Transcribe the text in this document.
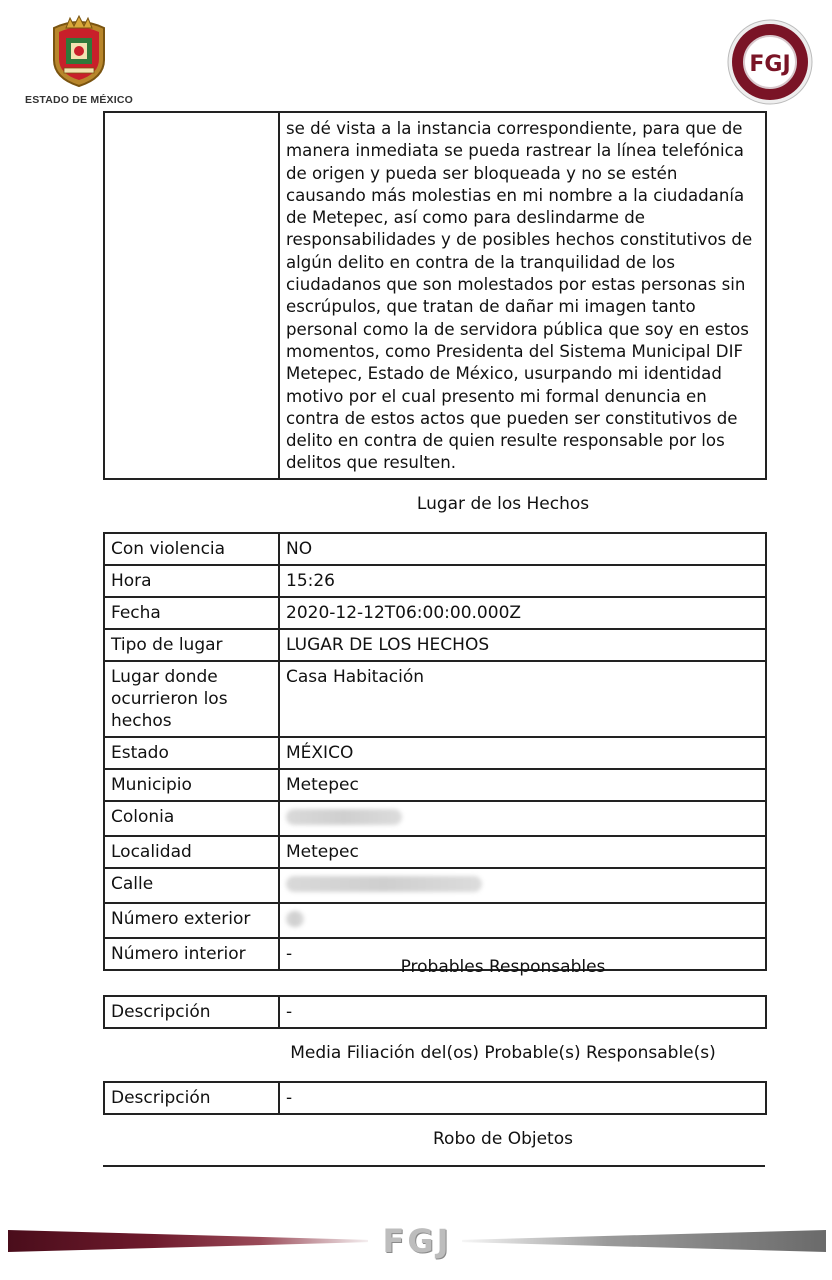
ESTADO DE MÉXICO
FGJ
	se dé vista a la instancia correspondiente, para que de manera inmediata se pueda rastrear la línea telefónica de origen y pueda ser bloqueada y no se estén causando más molestias en mi nombre a la ciudadanía de Metepec, así como para deslindarme de responsabilidades y de posibles hechos constitutivos de algún delito en contra de la tranquilidad de los ciudadanos que son molestados por estas personas sin escrúpulos, que tratan de dañar mi imagen tanto personal como la de servidora pública que soy en estos momentos, como Presidenta del Sistema Municipal DIF Metepec, Estado de México, usurpando mi identidad motivo por el cual presento mi formal denuncia en contra de estos actos que pueden ser constitutivos de delito en contra de quien resulte responsable por los delitos que resulten.
Lugar de los Hechos
Con violencia	NO
Hora	15:26
Fecha	2020-12-12T06:00:00.000Z
Tipo de lugar	LUGAR DE LOS HECHOS
Lugar donde ocurrieron los hechos	Casa Habitación
Estado	MÉXICO
Municipio	Metepec
Colonia	
Localidad	Metepec
Calle	
Número exterior	
Número interior	-
Probables Responsables
Descripción	-
Media Filiación del(os) Probable(s) Responsable(s)
Descripción	-
Robo de Objetos
FGJ
